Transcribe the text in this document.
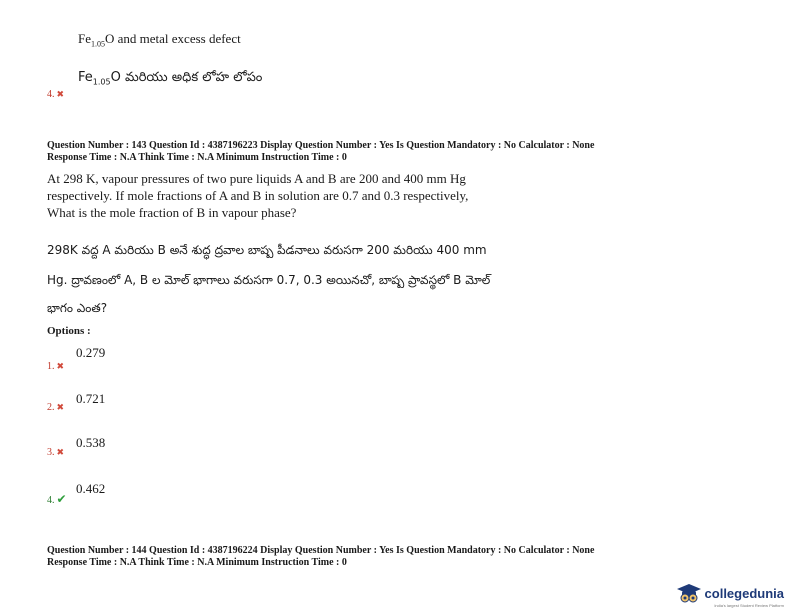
$Fe_{1.05}O$ and metal excess defect
$Fe_{1.05}O$ మరియు అధిక లోహ లోపం
4. ✖
Question Number : 143 Question Id : 4387196223 Display Question Number : Yes Is Question Mandatory : No Calculator : None
Response Time : N.A Think Time : N.A Minimum Instruction Time : 0
At 298 K, vapour pressures of two pure liquids A and B are 200 and 400 mm Hg
respectively. If mole fractions of A and B in solution are 0.7 and 0.3 respectively,
What is the mole fraction of B in vapour phase?
298K వద్ద A మరియు B అనే శుద్ధ ద్రవాల బాష్ప పీడనాలు వరుసగా 200 మరియు 400 mm
Hg. ద్రావణంలో A, B ల మోల్ భాగాలు వరుసగా 0.7, 0.3 అయినచో, బాష్ప ప్రావస్థలో B మోల్
భాగం ఎంత?
Options :
0.279
1. ✖
0.721
2. ✖
0.538
3. ✖
0.462
4. ✔
Question Number : 144 Question Id : 4387196224 Display Question Number : Yes Is Question Mandatory : No Calculator : None
Response Time : N.A Think Time : N.A Minimum Instruction Time : 0
collegedunia
India's largest Student Review Platform
